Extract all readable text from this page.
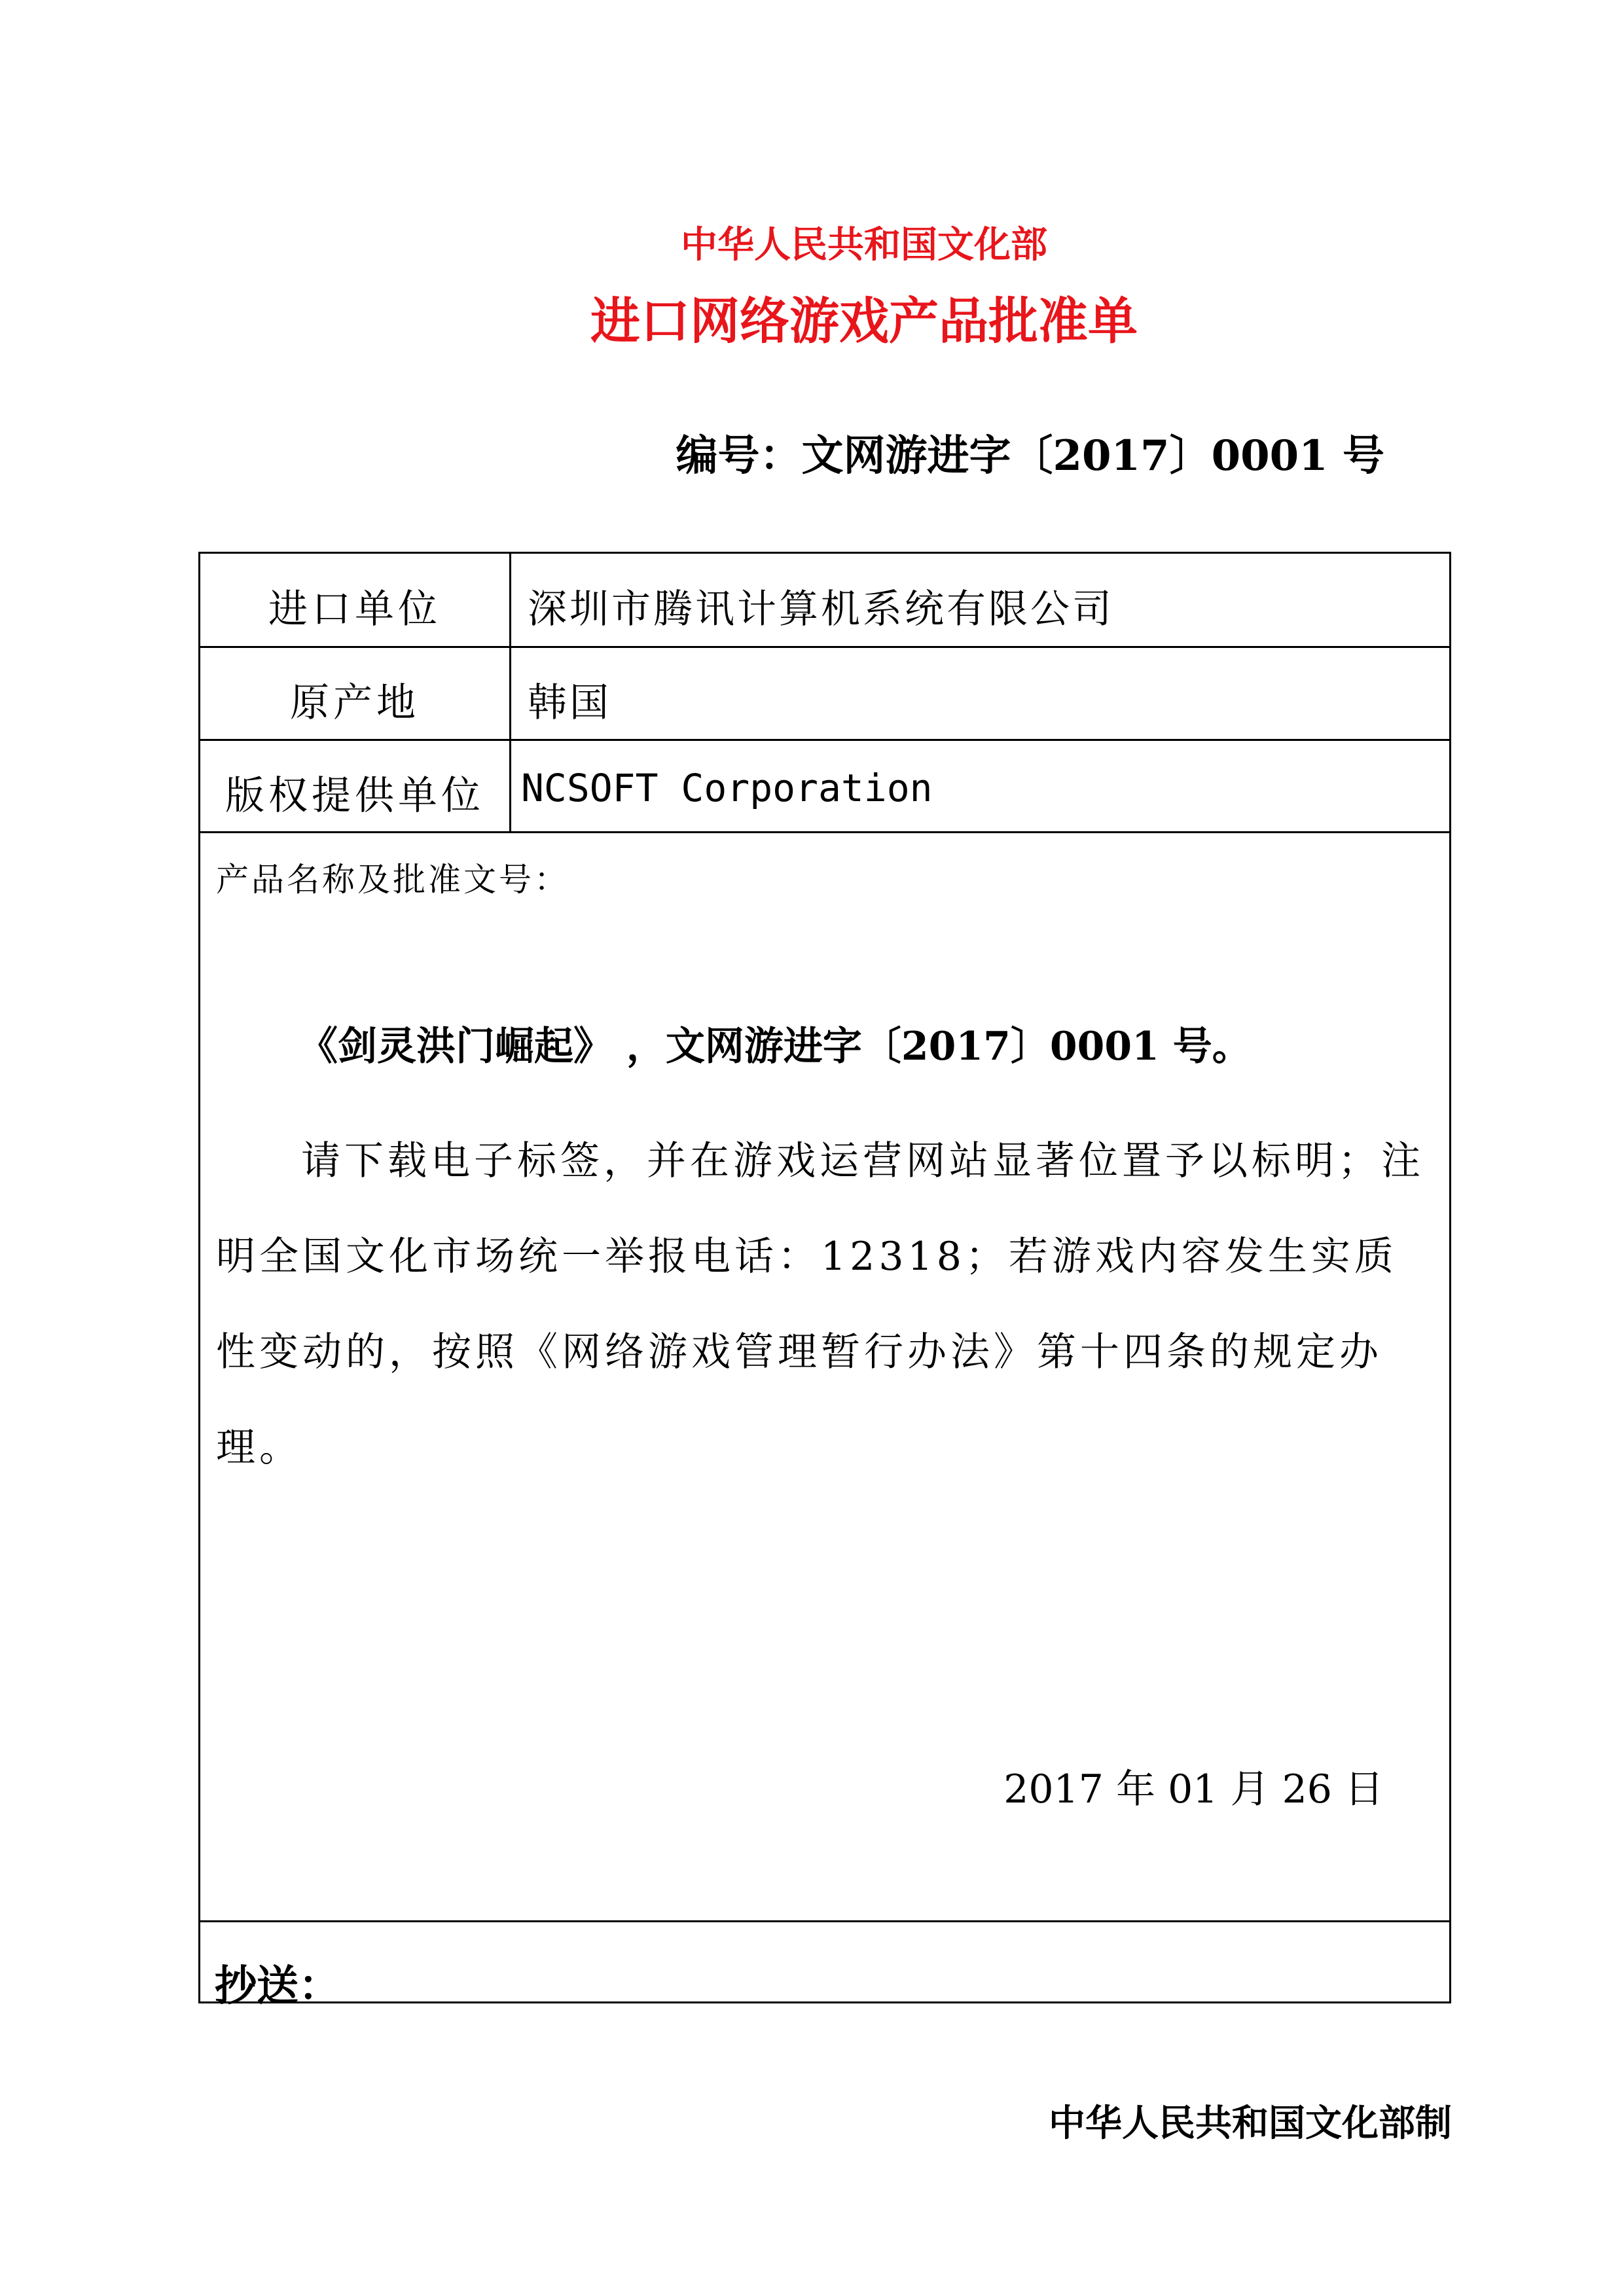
中华人民共和国文化部
进口网络游戏产品批准单
编号：文网游进字〔2017〕0001 号
进口单位	深圳市腾讯计算机系统有限公司
原产地	韩国
版权提供单位 NCSOFT Corporation
产品名称及批准文号：
《剑灵洪门崛起》 ，文网游进字〔2017〕0001 号。
请下载电子标签，并在游戏运营网站显著位置予以标明；注明全国文化市场统一举报电话：12318；若游戏内容发生实质性变动的，按照《网络游戏管理暂行办法》第十四条的规定办理。
2017 年 01 月 26 日
抄送：
中华人民共和国文化部制
